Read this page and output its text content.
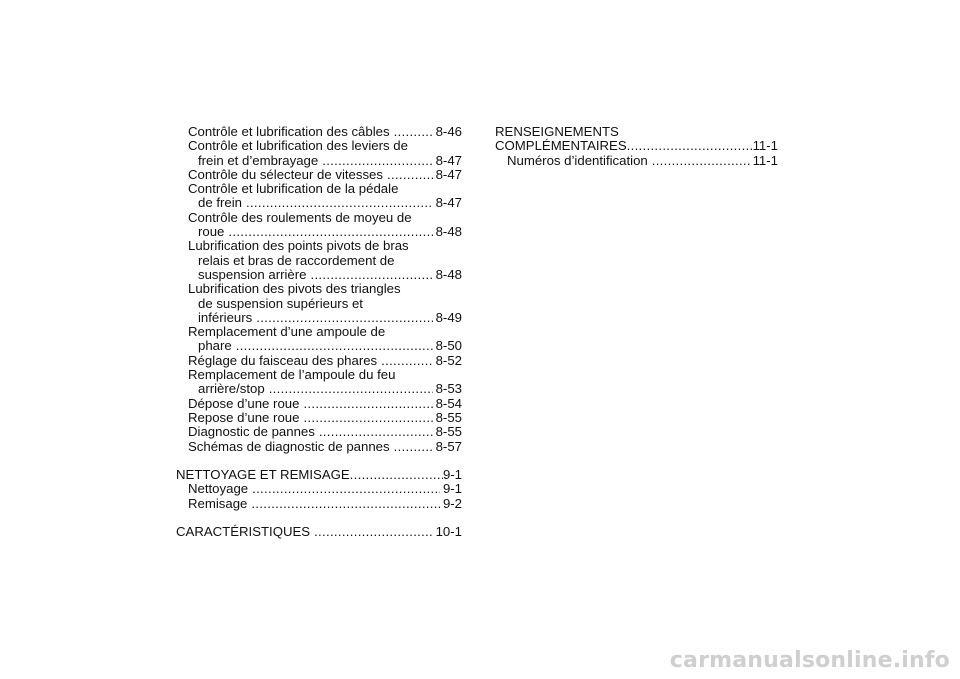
Contrôle et lubrification des câbles .....	8-46
Contrôle et lubrification des leviers de
frein et d’embrayage .....	8-47
Contrôle du sélecteur de vitesses .....	8-47
Contrôle et lubrification de la pédale
de frein .....	8-47
Contrôle des roulements de moyeu de
roue .....	8-48
Lubrification des points pivots de bras
relais et bras de raccordement de
suspension arrière .....	8-48
Lubrification des pivots des triangles
de suspension supérieurs et
inférieurs .....	8-49
Remplacement d’une ampoule de
phare .....	8-50
Réglage du faisceau des phares .....	8-52
Remplacement de l’ampoule du feu
arrière/stop .....	8-53
Dépose d’une roue .....	8-54
Repose d’une roue .....	8-55
Diagnostic de pannes .....	8-55
Schémas de diagnostic de pannes .....	8-57
NETTOYAGE ET REMISAGE .....	9-1
Nettoyage .....	9-1
Remisage .....	9-2
CARACTÉRISTIQUES .....	10-1
RENSEIGNEMENTS
COMPLÉMENTAIRES .....	11-1
Numéros d’identification .....	11-1
carmanualsonline.info
